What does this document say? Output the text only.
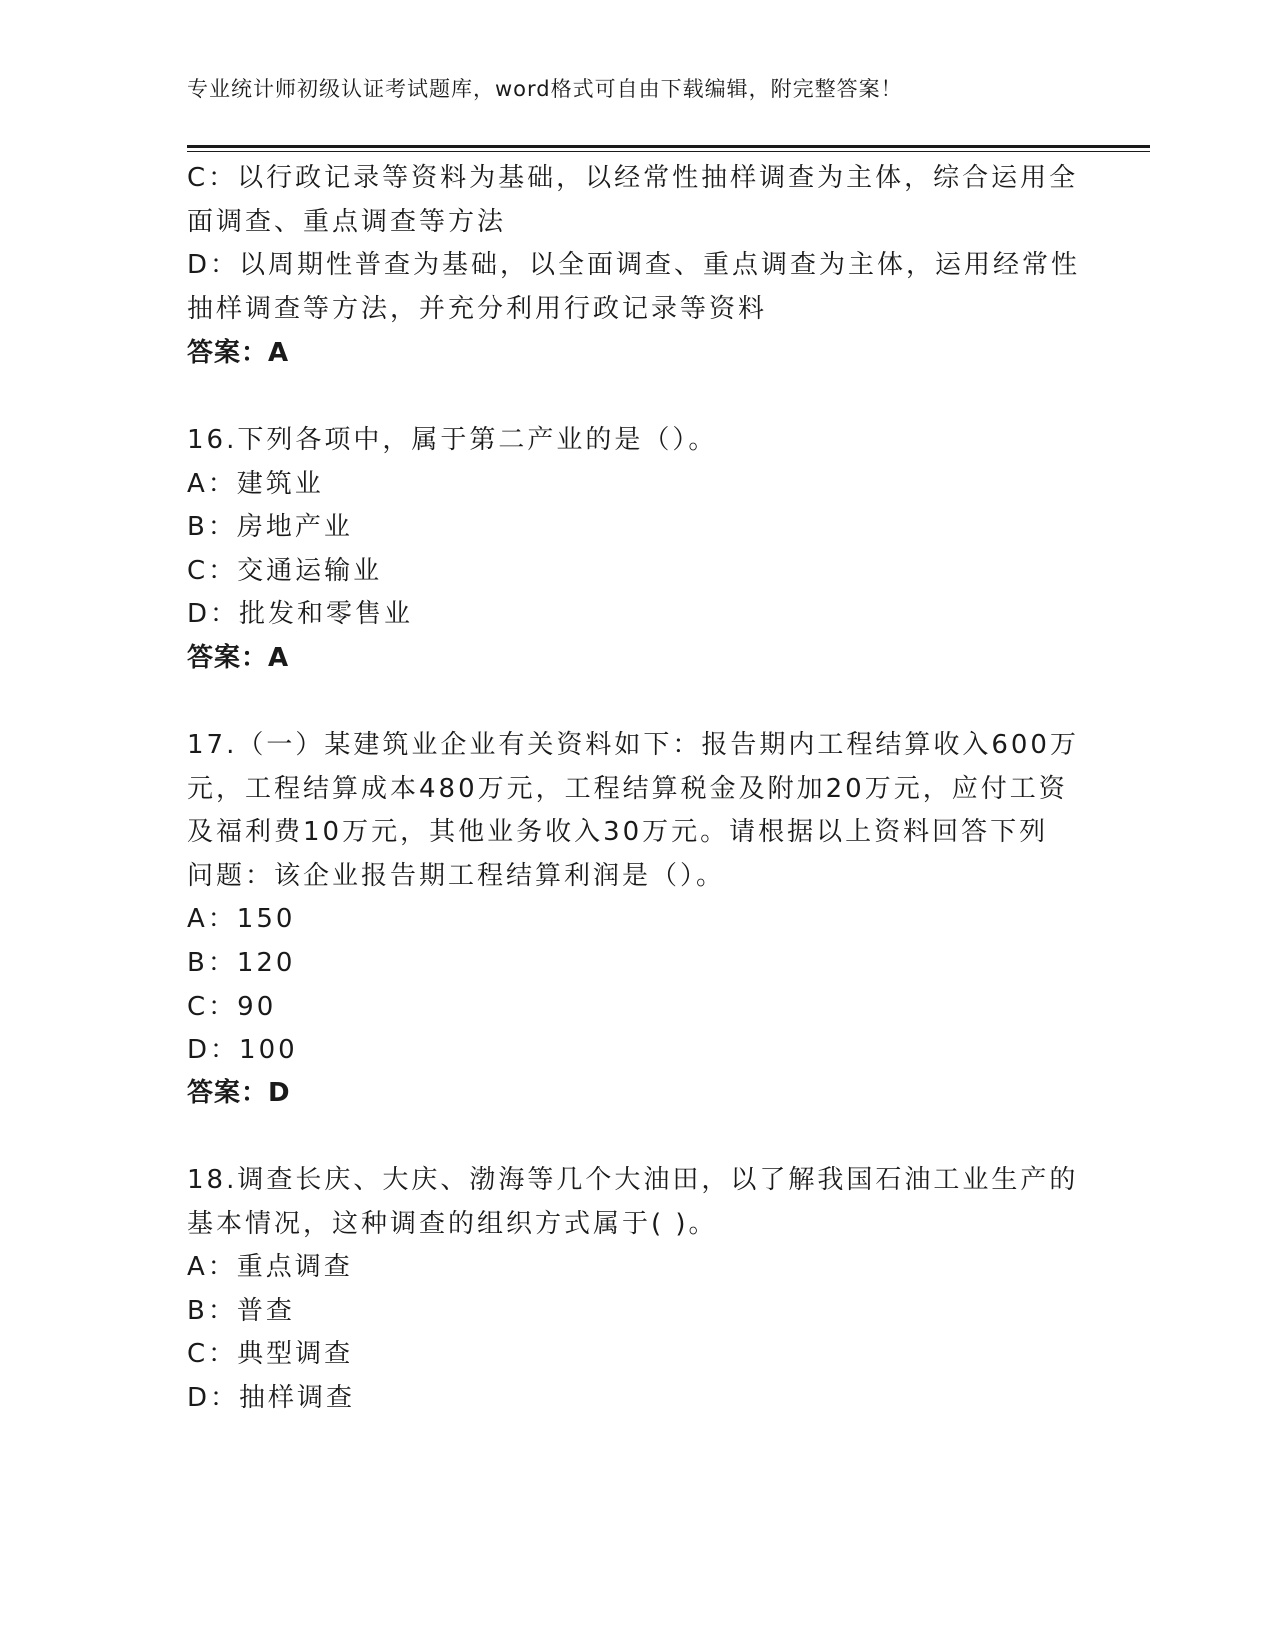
专业统计师初级认证考试题库，word格式可自由下载编辑，附完整答案！
C：以行政记录等资料为基础，以经常性抽样调查为主体，综合运用全
面调查、重点调查等方法
D：以周期性普查为基础，以全面调查、重点调查为主体，运用经常性
抽样调查等方法，并充分利用行政记录等资料
答案：A
16.下列各项中，属于第二产业的是（）。
A：建筑业
B：房地产业
C：交通运输业
D：批发和零售业
答案：A
17.（一）某建筑业企业有关资料如下：报告期内工程结算收入600万
元，工程结算成本480万元，工程结算税金及附加20万元，应付工资
及福利费10万元，其他业务收入30万元。请根据以上资料回答下列
问题：该企业报告期工程结算利润是（）。
A：150
B：120
C：90
D：100
答案：D
18.调查长庆、大庆、渤海等几个大油田，以了解我国石油工业生产的
基本情况，这种调查的组织方式属于( )。
A：重点调查
B：普查
C：典型调查
D：抽样调查
